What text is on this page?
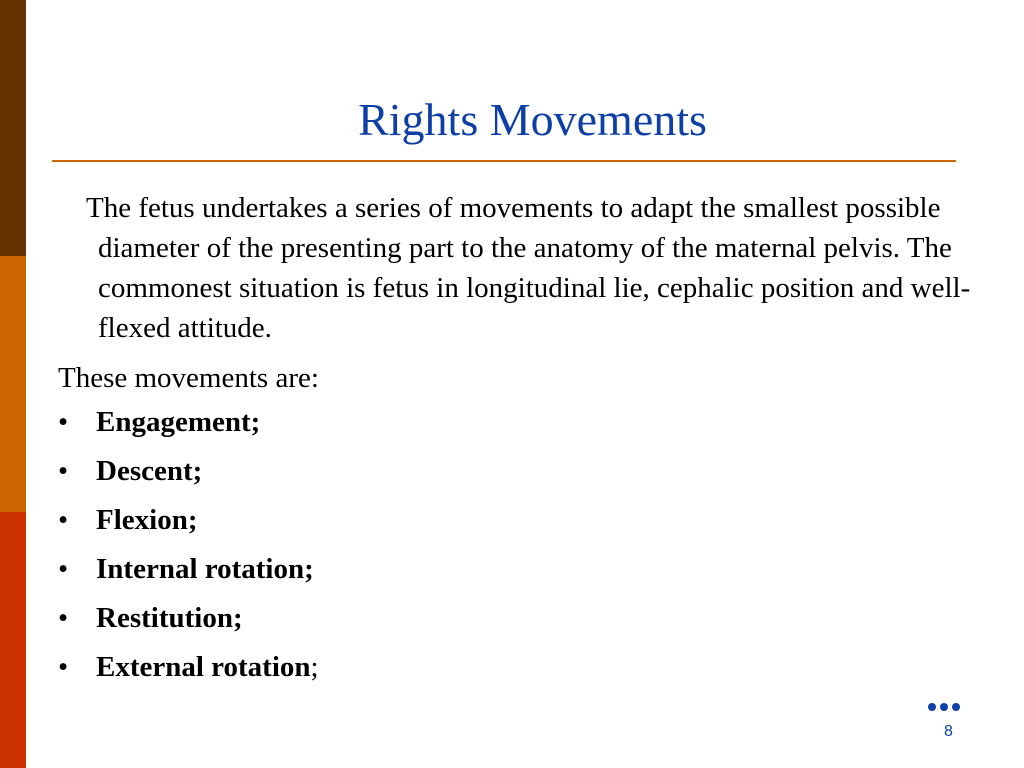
Rights Movements

The fetus undertakes a series of movements to adapt the smallest possible diameter of the presenting part to the anatomy of the maternal pelvis. The commonest situation is fetus in longitudinal lie, cephalic position and well-flexed attitude.

These movements are:

• Engagement;
• Descent;
• Flexion;
• Internal rotation;
• Restitution;
• External rotation;
8
